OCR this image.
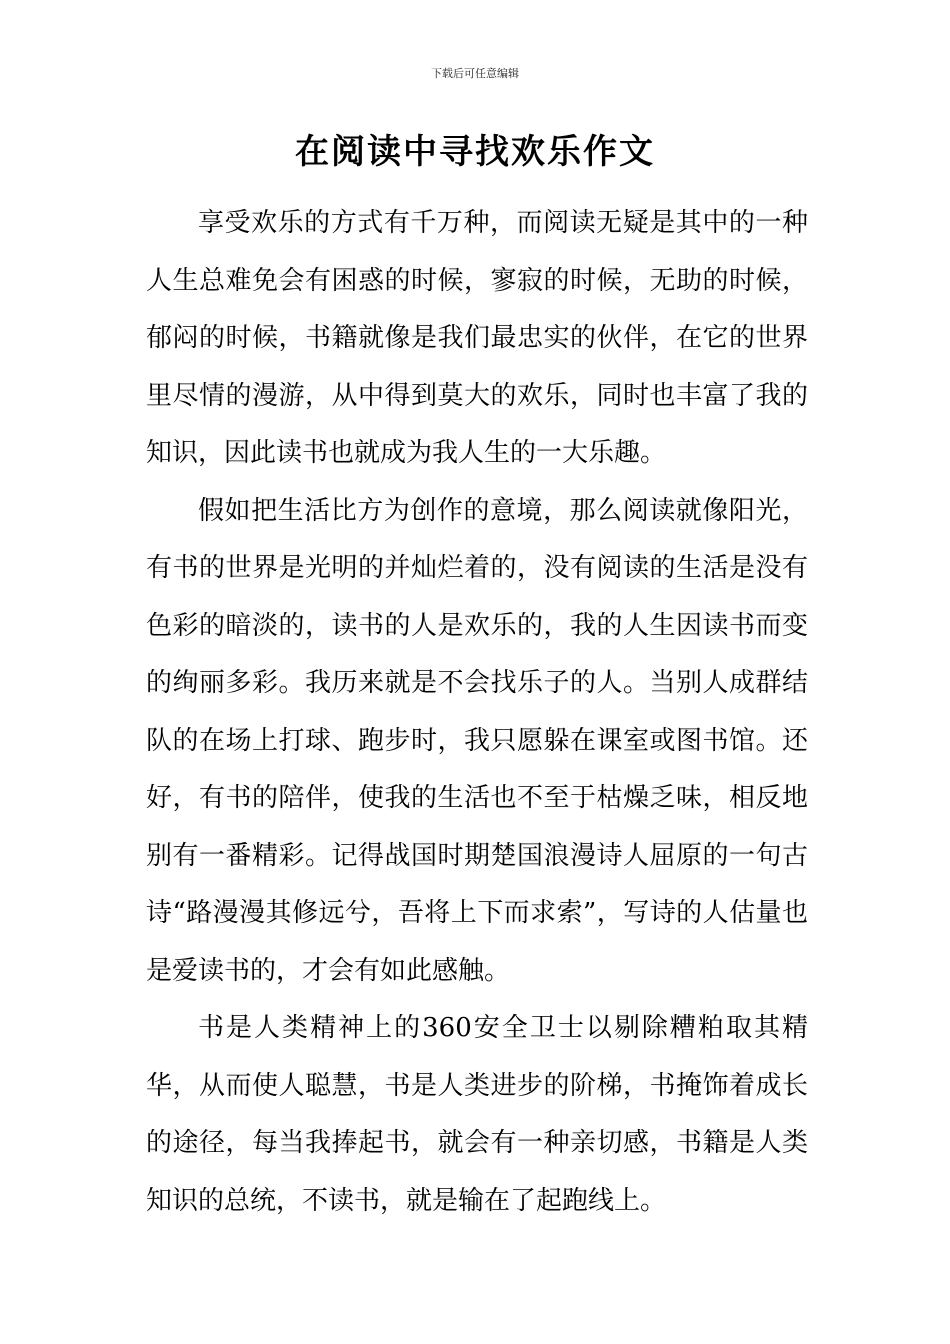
下载后可任意编辑
在阅读中寻找欢乐作文

享受欢乐的方式有千万种，而阅读无疑是其中的一种人生总难免会有困惑的时候，寥寂的时候，无助的时候，郁闷的时候，书籍就像是我们最忠实的伙伴，在它的世界里尽情的漫游，从中得到莫大的欢乐，同时也丰富了我的知识，因此读书也就成为我人生的一大乐趣。

假如把生活比方为创作的意境，那么阅读就像阳光，有书的世界是光明的并灿烂着的，没有阅读的生活是没有色彩的暗淡的，读书的人是欢乐的，我的人生因读书而变的绚丽多彩。我历来就是不会找乐子的人。当别人成群结队的在场上打球、跑步时，我只愿躲在课室或图书馆。还好，有书的陪伴，使我的生活也不至于枯燥乏味，相反地别有一番精彩。记得战国时期楚国浪漫诗人屈原的一句古诗“路漫漫其修远兮，吾将上下而求索”，写诗的人估量也是爱读书的，才会有如此感触。

书是人类精神上的360安全卫士以剔除糟粕取其精华，从而使人聪慧，书是人类进步的阶梯，书掩饰着成长的途径，每当我捧起书，就会有一种亲切感，书籍是人类知识的总统，不读书，就是输在了起跑线上。
